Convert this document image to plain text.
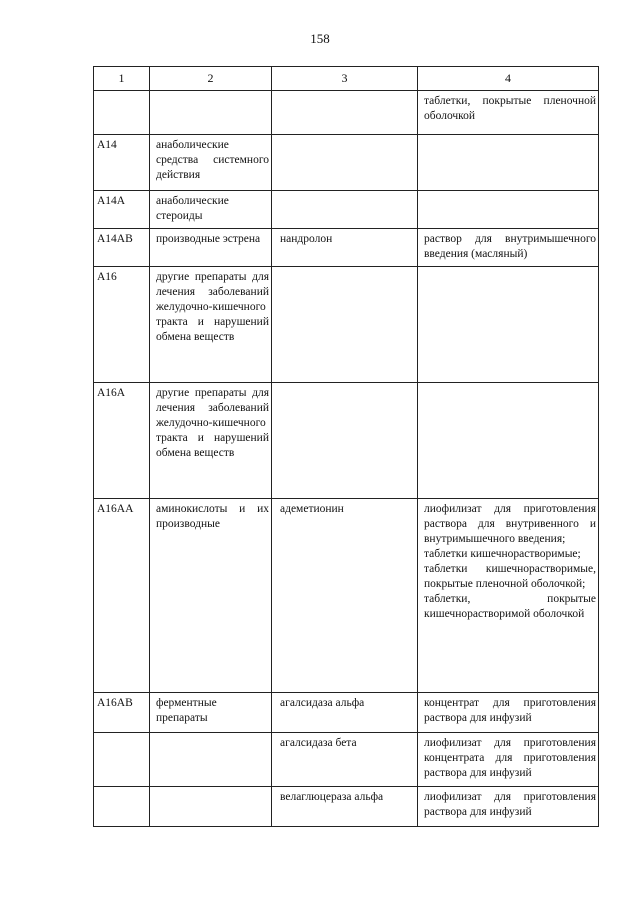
158
1	2	3	4

			таблетки, покрытые пленочной оболочкой

A14	анаболические средства системного действия		
A14A	анаболические стероиды		
A14AB	производные эстрена	нандролон	раствор для внутримышечного введения (масляный)

A16	другие препараты для лечения заболеваний желудочно-кишечного тракта и нарушений обмена веществ		
A16A	другие препараты для лечения заболеваний желудочно-кишечного тракта и нарушений обмена веществ		
A16AA	аминокислоты и их производные	адеметионин	лиофилизат для приготовления раствора для внутривенного и внутримышечного введения;
таблетки кишечнорастворимые;
таблетки кишечнорастворимые, покрытые пленочной оболочкой;
таблетки, покрытые кишечнорастворимой оболочкой

A16AB	ферментные препараты	агалсидаза альфа	концентрат для приготовления раствора для инфузий

		агалсидаза бета	лиофилизат для приготовления концентрата для приготовления раствора для инфузий

		велаглюцераза альфа	лиофилизат для приготовления раствора для инфузий
